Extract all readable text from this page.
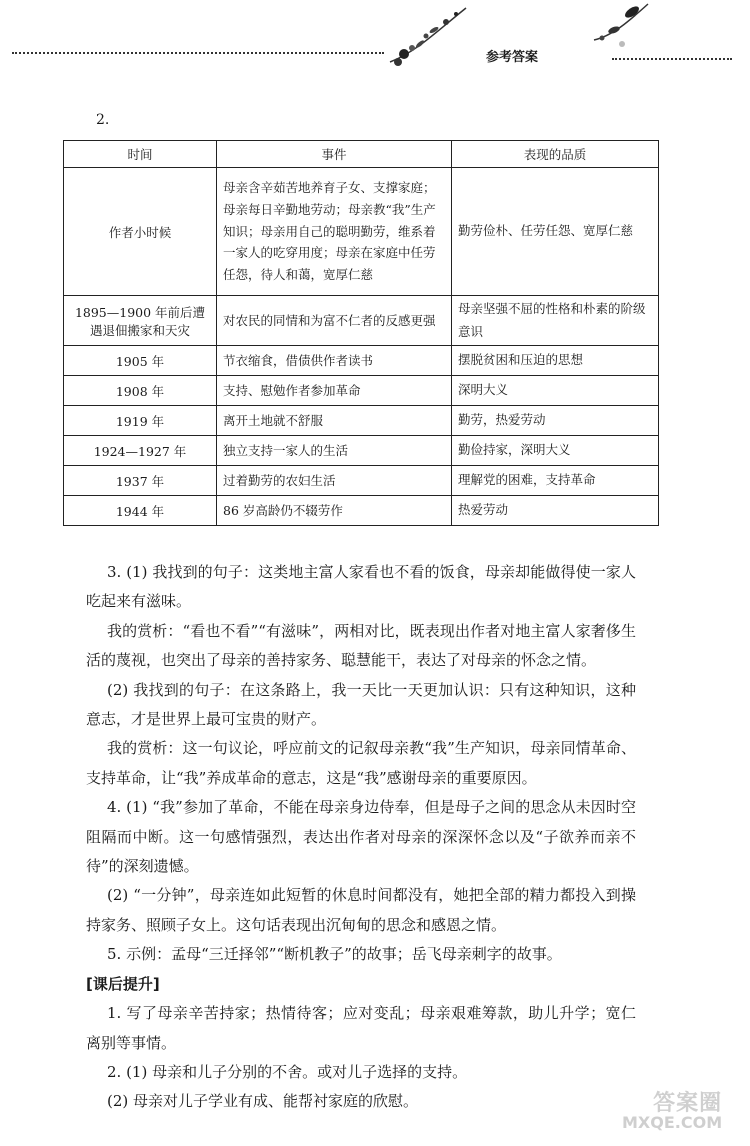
参考答案
2.
时间	事件	表现的品质
作者小时候	母亲含辛茹苦地养育子女、支撑家庭；母亲每日辛勤地劳动；母亲教“我”生产知识；母亲用自己的聪明勤劳，维系着一家人的吃穿用度；母亲在家庭中任劳任怨，待人和蔼，宽厚仁慈	勤劳俭朴、任劳任怨、宽厚仁慈
1895—1900 年前后遭遇退佃搬家和天灾	对农民的同情和为富不仁者的反感更强	母亲坚强不屈的性格和朴素的阶级意识
1905 年	节衣缩食，借债供作者读书	摆脱贫困和压迫的思想
1908 年	支持、慰勉作者参加革命	深明大义
1919 年	离开土地就不舒服	勤劳，热爱劳动
1924—1927 年	独立支持一家人的生活	勤俭持家，深明大义
1937 年	过着勤劳的农妇生活	理解党的困难，支持革命
1944 年	86 岁高龄仍不辍劳作	热爱劳动

3. (1) 我找到的句子：这类地主富人家看也不看的饭食，母亲却能做得使一家人吃起来有滋味。

我的赏析：“看也不看”“有滋味”，两相对比，既表现出作者对地主富人家奢侈生活的蔑视，也突出了母亲的善持家务、聪慧能干，表达了对母亲的怀念之情。

(2) 我找到的句子：在这条路上，我一天比一天更加认识：只有这种知识，这种意志，才是世界上最可宝贵的财产。

我的赏析：这一句议论，呼应前文的记叙母亲教“我”生产知识，母亲同情革命、支持革命，让“我”养成革命的意志，这是“我”感谢母亲的重要原因。

4. (1) “我”参加了革命，不能在母亲身边侍奉，但是母子之间的思念从未因时空阻隔而中断。这一句感情强烈，表达出作者对母亲的深深怀念以及“子欲养而亲不待”的深刻遗憾。

(2) “一分钟”，母亲连如此短暂的休息时间都没有，她把全部的精力都投入到操持家务、照顾子女上。这句话表现出沉甸甸的思念和感恩之情。

5. 示例：孟母“三迁择邻”“断机教子”的故事；岳飞母亲刺字的故事。

[课后提升]

1. 写了母亲辛苦持家；热情待客；应对变乱；母亲艰难筹款，助儿升学；宽仁离别等事情。

2. (1) 母亲和儿子分别的不舍。或对儿子选择的支持。

(2) 母亲对儿子学业有成、能帮衬家庭的欣慰。	答案圈
MXQE.COM
